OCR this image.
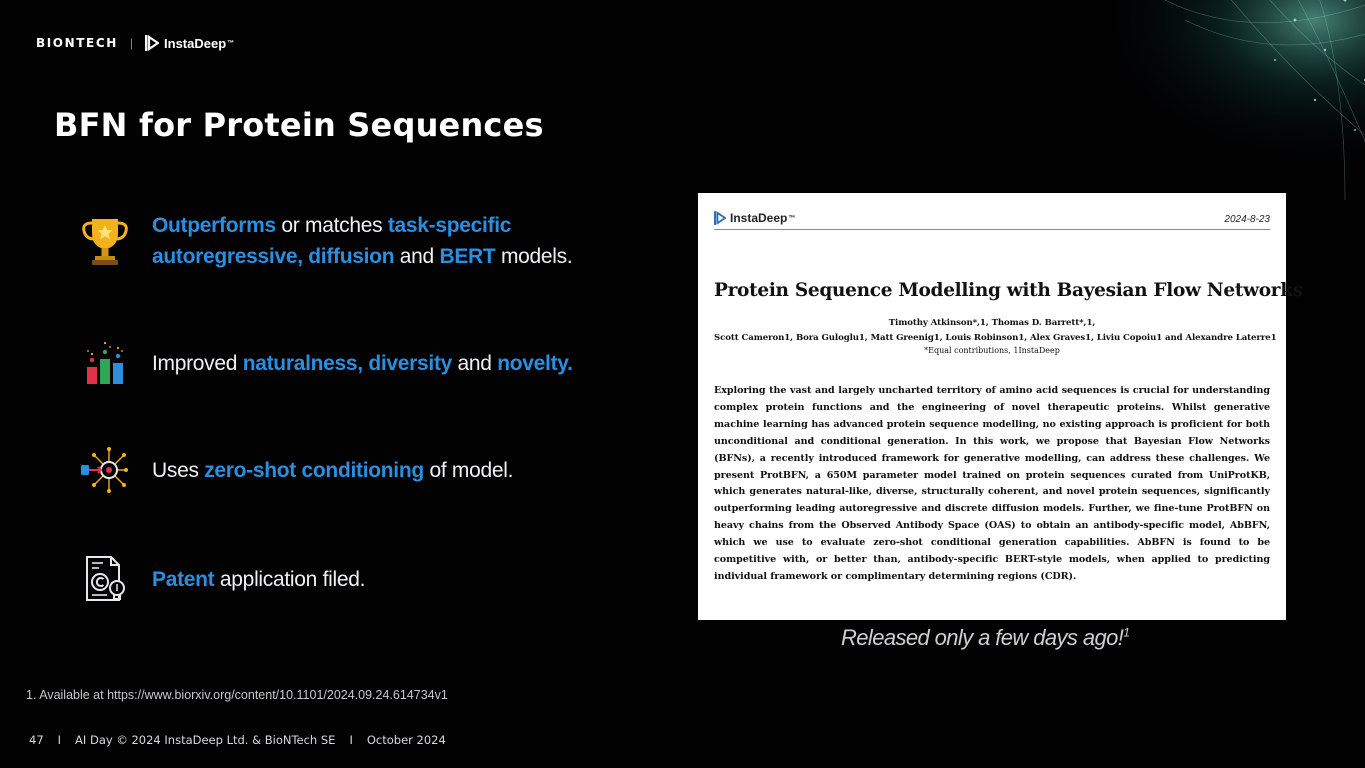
BIONTECH | InstaDeep ™
BFN for Protein Sequences
Outperforms or matches task-specific autoregressive, diffusion and BERT models.
Improved naturalness, diversity and novelty.
Uses zero-shot conditioning of model.
Patent application filed.
InstaDeep ™	2024-8-23
Protein Sequence Modelling with Bayesian Flow Networks
Timothy Atkinson*,1, Thomas D. Barrett*,1,
Scott Cameron1, Bora Guloglu1, Matt Greenig1, Louis Robinson1, Alex Graves1, Liviu Copoiu1 and Alexandre Laterre1
*Equal contributions, 1InstaDeep
Exploring the vast and largely uncharted territory of amino acid sequences is crucial for understanding complex protein functions and the engineering of novel therapeutic proteins. Whilst generative machine learning has advanced protein sequence modelling, no existing approach is proficient for both unconditional and conditional generation. In this work, we propose that Bayesian Flow Networks (BFNs), a recently introduced framework for generative modelling, can address these challenges. We present ProtBFN, a 650M parameter model trained on protein sequences curated from UniProtKB, which generates natural-like, diverse, structurally coherent, and novel protein sequences, significantly outperforming leading autoregressive and discrete diffusion models. Further, we fine-tune ProtBFN on heavy chains from the Observed Antibody Space (OAS) to obtain an antibody-specific model, AbBFN, which we use to evaluate zero-shot conditional generation capabilities. AbBFN is found to be competitive with, or better than, antibody-specific BERT-style models, when applied to predicting individual framework or complimentary determining regions (CDR).
Released only a few days ago!$^1$
1. Available at https://www.biorxiv.org/content/10.1101/2024.09.24.614734v1
47 I AI Day © 2024 InstaDeep Ltd. & BioNTech SE I October 2024
